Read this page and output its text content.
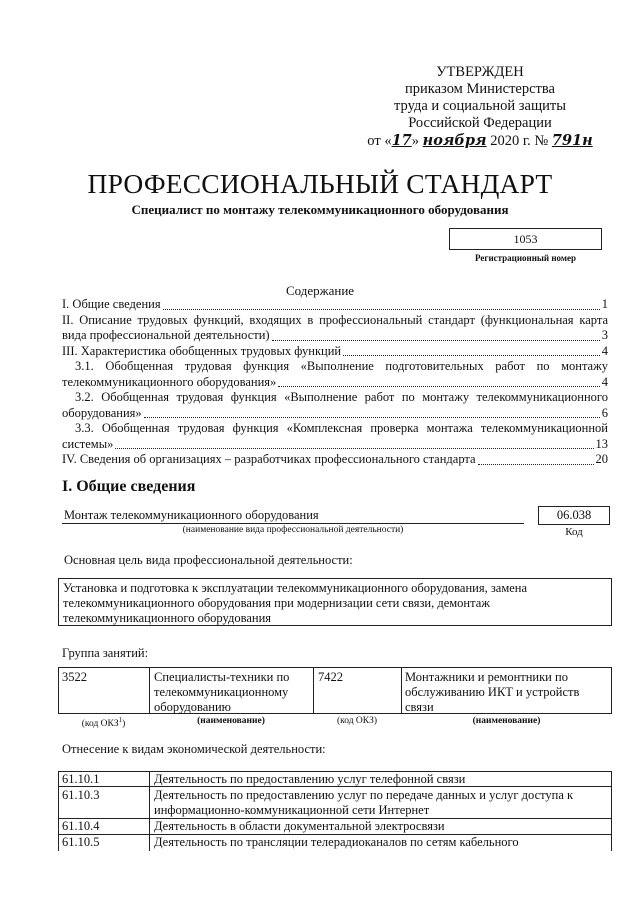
УТВЕРЖДЕН
приказом Министерства
труда и социальной защиты
Российской Федерации
от «17» ноября 2020 г. № 791н
ПРОФЕССИОНАЛЬНЫЙ СТАНДАРТ
Специалист по монтажу телекоммуникационного оборудования
1053
Регистрационный номер
Содержание
I. Общие сведения	1
II. Описание трудовых функций, входящих в профессиональный стандарт (функциональная карта
вида профессиональной деятельности)	3
III. Характеристика обобщенных трудовых функций	4
3.1. Обобщенная трудовая функция «Выполнение подготовительных работ по монтажу
телекоммуникационного оборудования»	4
3.2. Обобщенная трудовая функция «Выполнение работ по монтажу телекоммуникационного
оборудования»	6
3.3. Обобщенная трудовая функция «Комплексная проверка монтажа телекоммуникационной
системы»	13
IV. Сведения об организациях – разработчиках профессионального стандарта	20
I. Общие сведения
Монтаж телекоммуникационного оборудования
(наименование вида профессиональной деятельности)
06.038
Код
Основная цель вида профессиональной деятельности:
Установка и подготовка к эксплуатации телекоммуникационного оборудования, замена
телекоммуникационного оборудования при модернизации сети связи, демонтаж
телекоммуникационного оборудования
Группа занятий:
3522	Специалисты-техники по
телекоммуникационному
оборудованию
7422	Монтажники и ремонтники по
обслуживанию ИКТ и устройств
связи
(код ОКЗ$^1$)	(наименование)	(код ОКЗ)	(наименование)
Отнесение к видам экономической деятельности:
61.10.1	Деятельность по предоставлению услуг телефонной связи
61.10.3	Деятельность по предоставлению услуг по передаче данных и услуг доступа к
информационно-коммуникационной сети Интернет
61.10.4	Деятельность в области документальной электросвязи
61.10.5	Деятельность по трансляции телерадиоканалов по сетям кабельного
